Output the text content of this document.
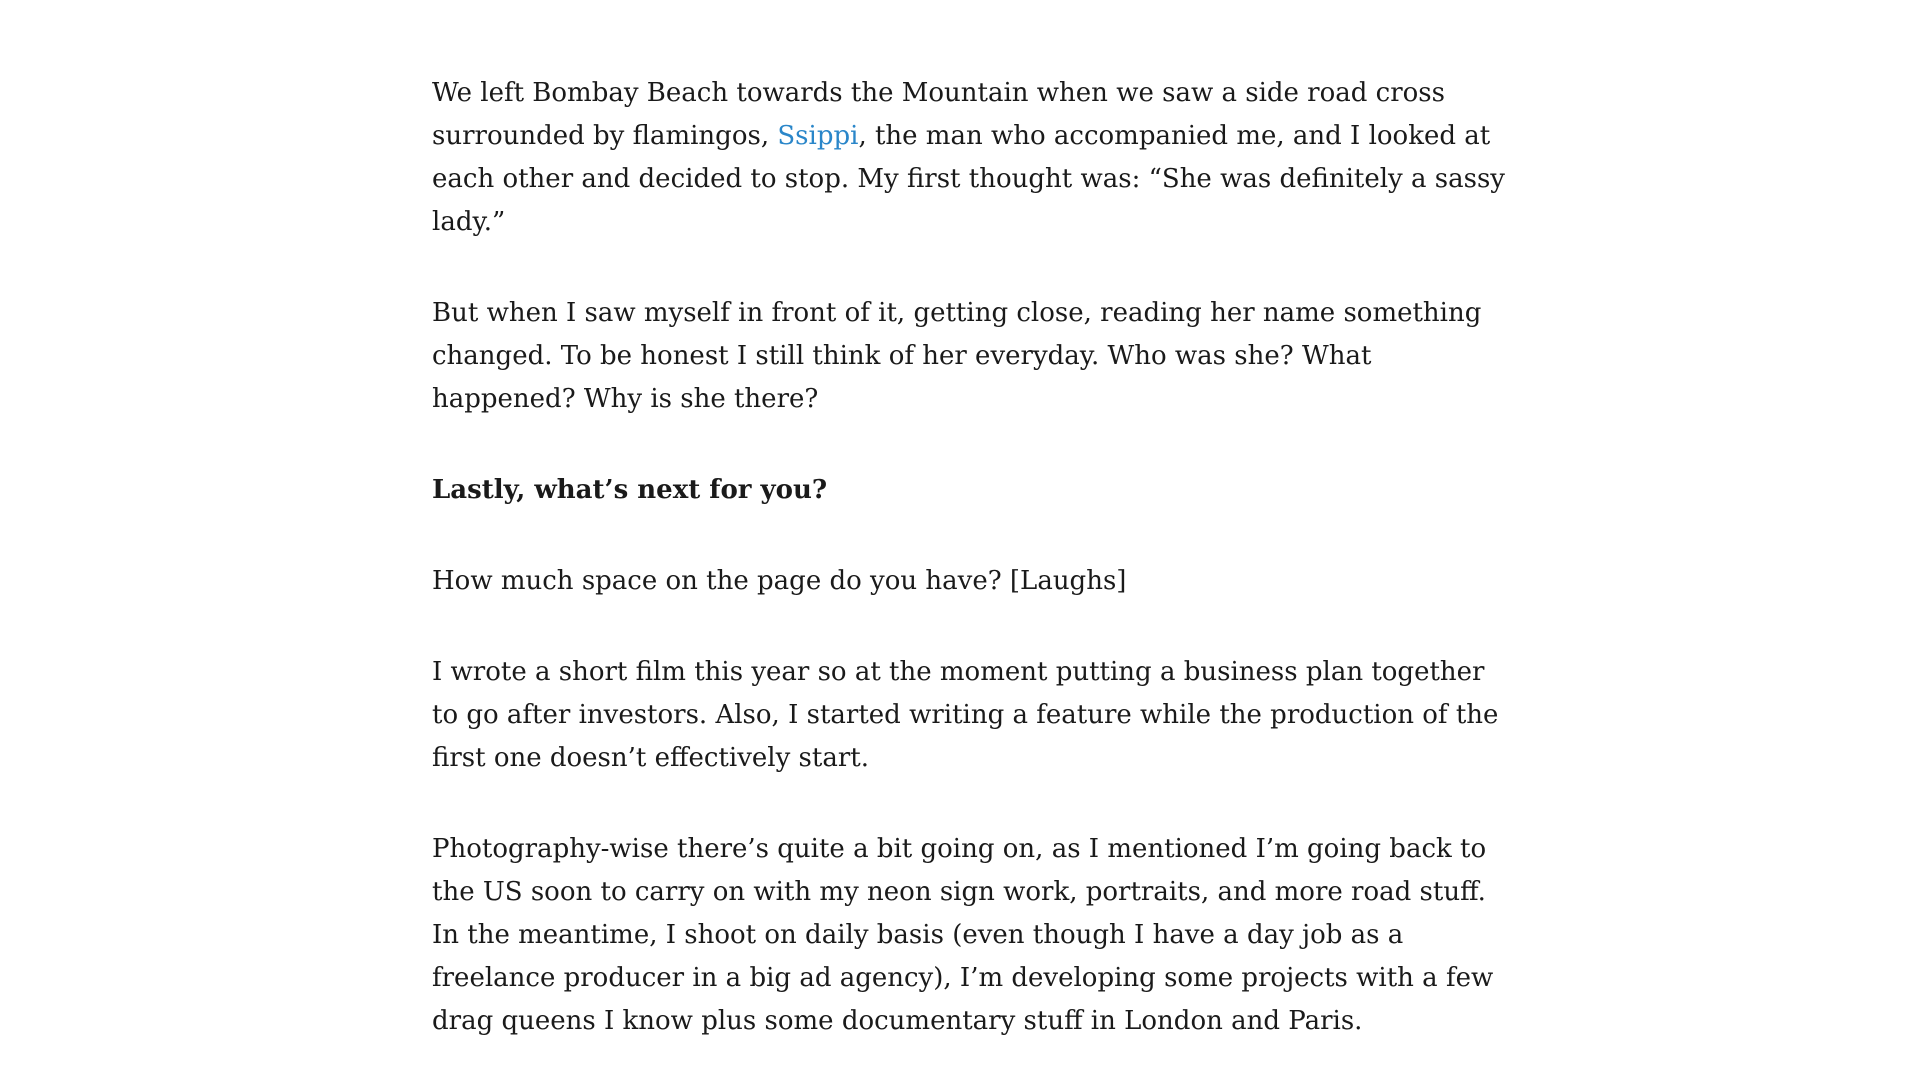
We left Bombay Beach towards the Mountain when we saw a side road cross surrounded by flamingos, Ssippi, the man who accompanied me, and I looked at each other and decided to stop. My first thought was: “She was definitely a sassy lady.”

But when I saw myself in front of it, getting close, reading her name something changed. To be honest I still think of her everyday. Who was she? What happened? Why is she there?

Lastly, what’s next for you?

How much space on the page do you have? [Laughs]

I wrote a short film this year so at the moment putting a business plan together to go after investors. Also, I started writing a feature while the production of the first one doesn’t effectively start.

Photography-wise there’s quite a bit going on, as I mentioned I’m going back to the US soon to carry on with my neon sign work, portraits, and more road stuff. In the meantime, I shoot on daily basis (even though I have a day job as a freelance producer in a big ad agency), I’m developing some projects with a few drag queens I know plus some documentary stuff in London and Paris.
